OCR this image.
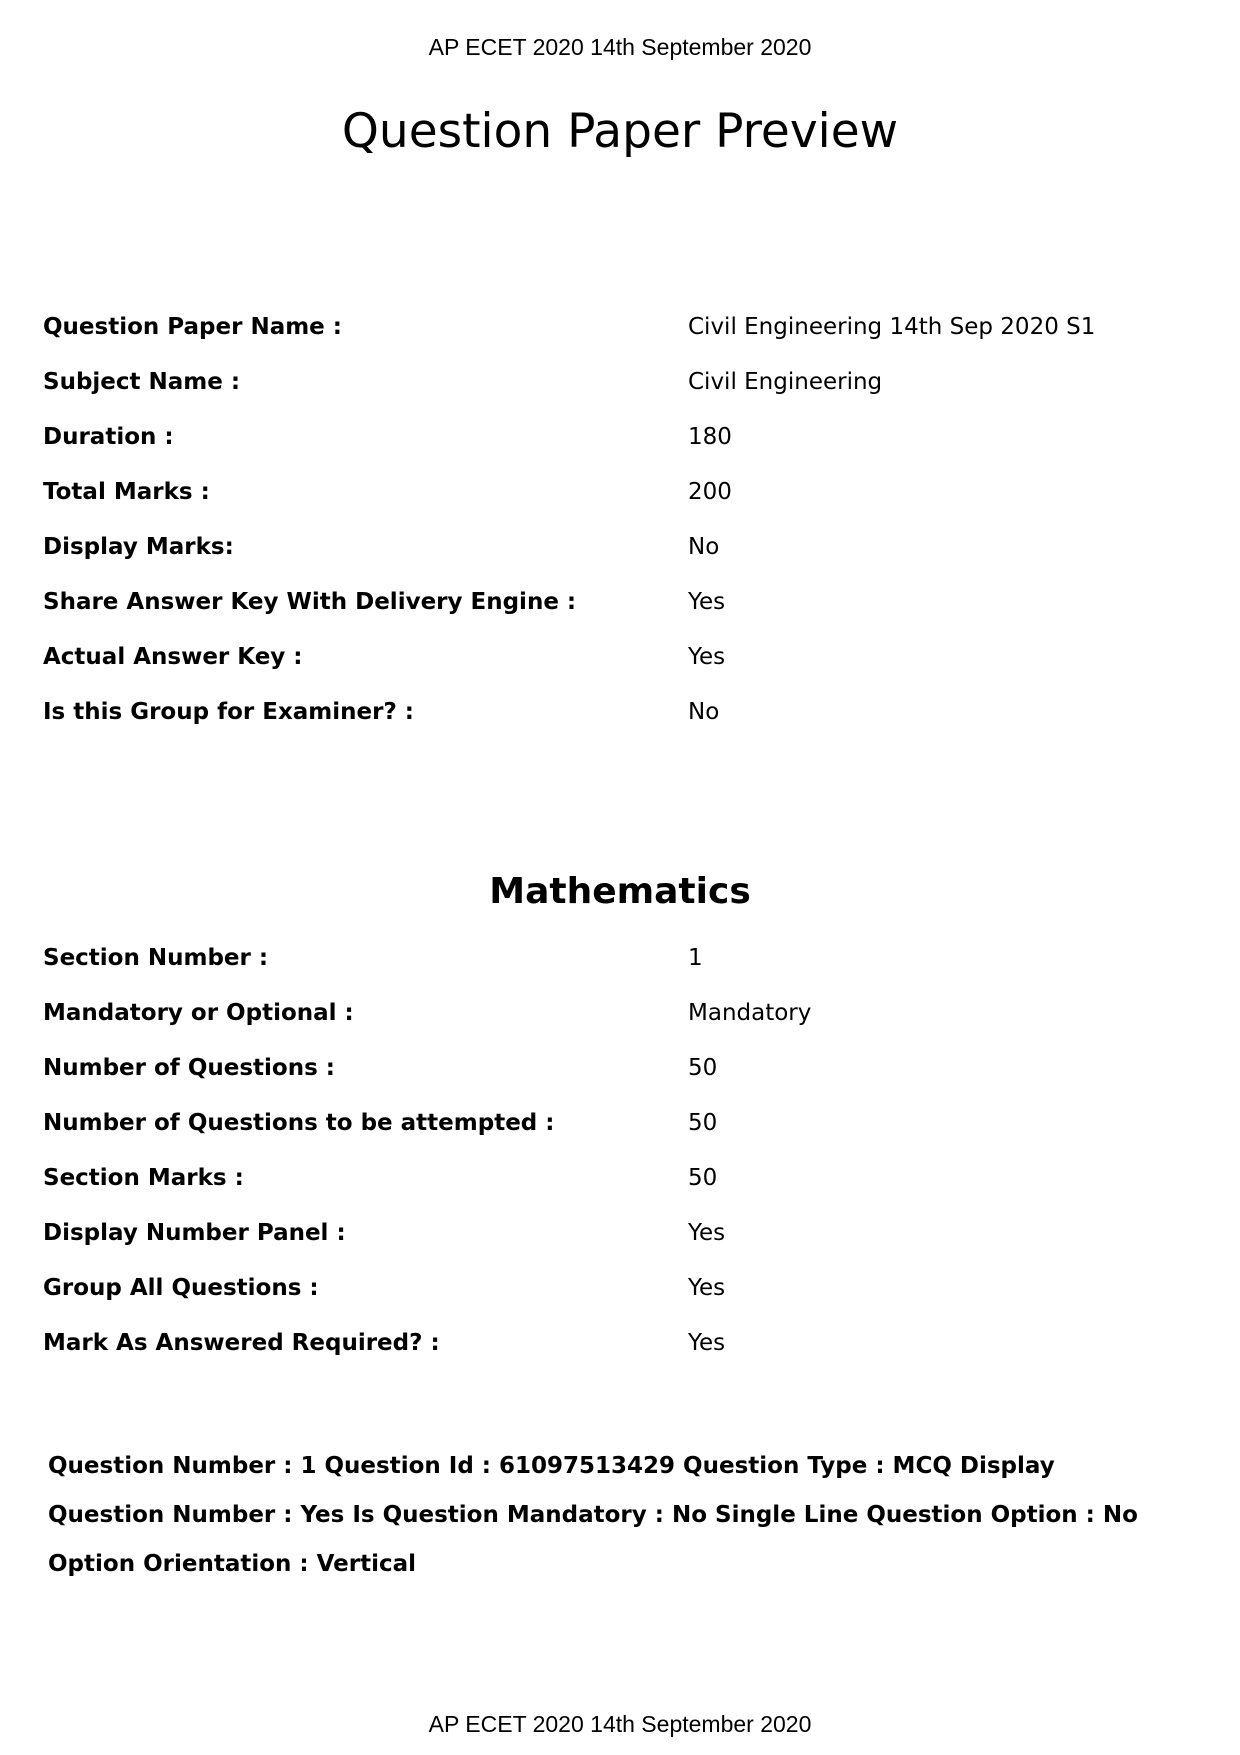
AP ECET 2020 14th September 2020
Question Paper Preview
Question Paper Name :	Civil Engineering 14th Sep 2020 S1
Subject Name :	Civil Engineering
Duration :	180
Total Marks :	200
Display Marks:	No
Share Answer Key With Delivery Engine :	Yes
Actual Answer Key :	Yes
Is this Group for Examiner? :	No
Mathematics
Section Number :	1
Mandatory or Optional :	Mandatory
Number of Questions :	50
Number of Questions to be attempted :	50
Section Marks :	50
Display Number Panel :	Yes
Group All Questions :	Yes
Mark As Answered Required? :	Yes
Question Number : 1 Question Id : 61097513429 Question Type : MCQ Display Question Number : Yes Is Question Mandatory : No Single Line Question Option : No Option Orientation : Vertical
AP ECET 2020 14th September 2020
